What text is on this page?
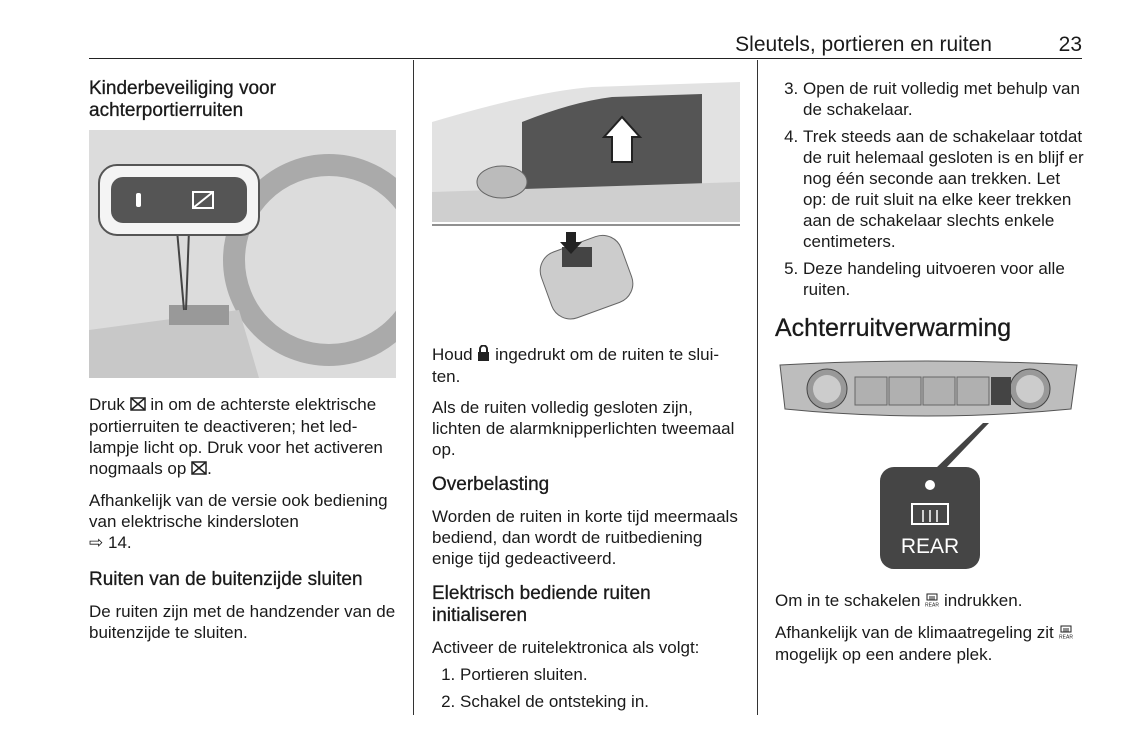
Sleutels, portieren en ruiten	23
Kinderbeveiliging voor achterportierruiten

Druk in om de achterste elektrische portierruiten te deactiveren; het led-lampje licht op. Druk voor het activeren nogmaals op .

Afhankelijk van de versie ook bediening van elektrische kindersloten
⇨ 14.

Ruiten van de buitenzijde sluiten

De ruiten zijn met de handzender van de buitenzijde te sluiten.

Houd ingedrukt om de ruiten te sluiten.

Als de ruiten volledig gesloten zijn, lichten de alarmknipperlichten tweemaal op.

Overbelasting

Worden de ruiten in korte tijd meermaals bediend, dan wordt de ruitbediening enige tijd gedeactiveerd.

Elektrisch bediende ruiten initialiseren

Activeer de ruitelektronica als volgt:

1. Portieren sluiten.
2. Schakel de ontsteking in.
3. Open de ruit volledig met behulp van de schakelaar.
4. Trek steeds aan de schakelaar totdat de ruit helemaal gesloten is en blijf er nog één seconde aan trekken. Let op: de ruit sluit na elke keer trekken aan de schakelaar slechts enkele centimeters.
5. Deze handeling uitvoeren voor alle ruiten.
Achterruitverwarming
REAR

Om in te schakelen REAR indrukken.

Afhankelijk van de klimaatregeling zit REAR
mogelijk op een andere plek.
